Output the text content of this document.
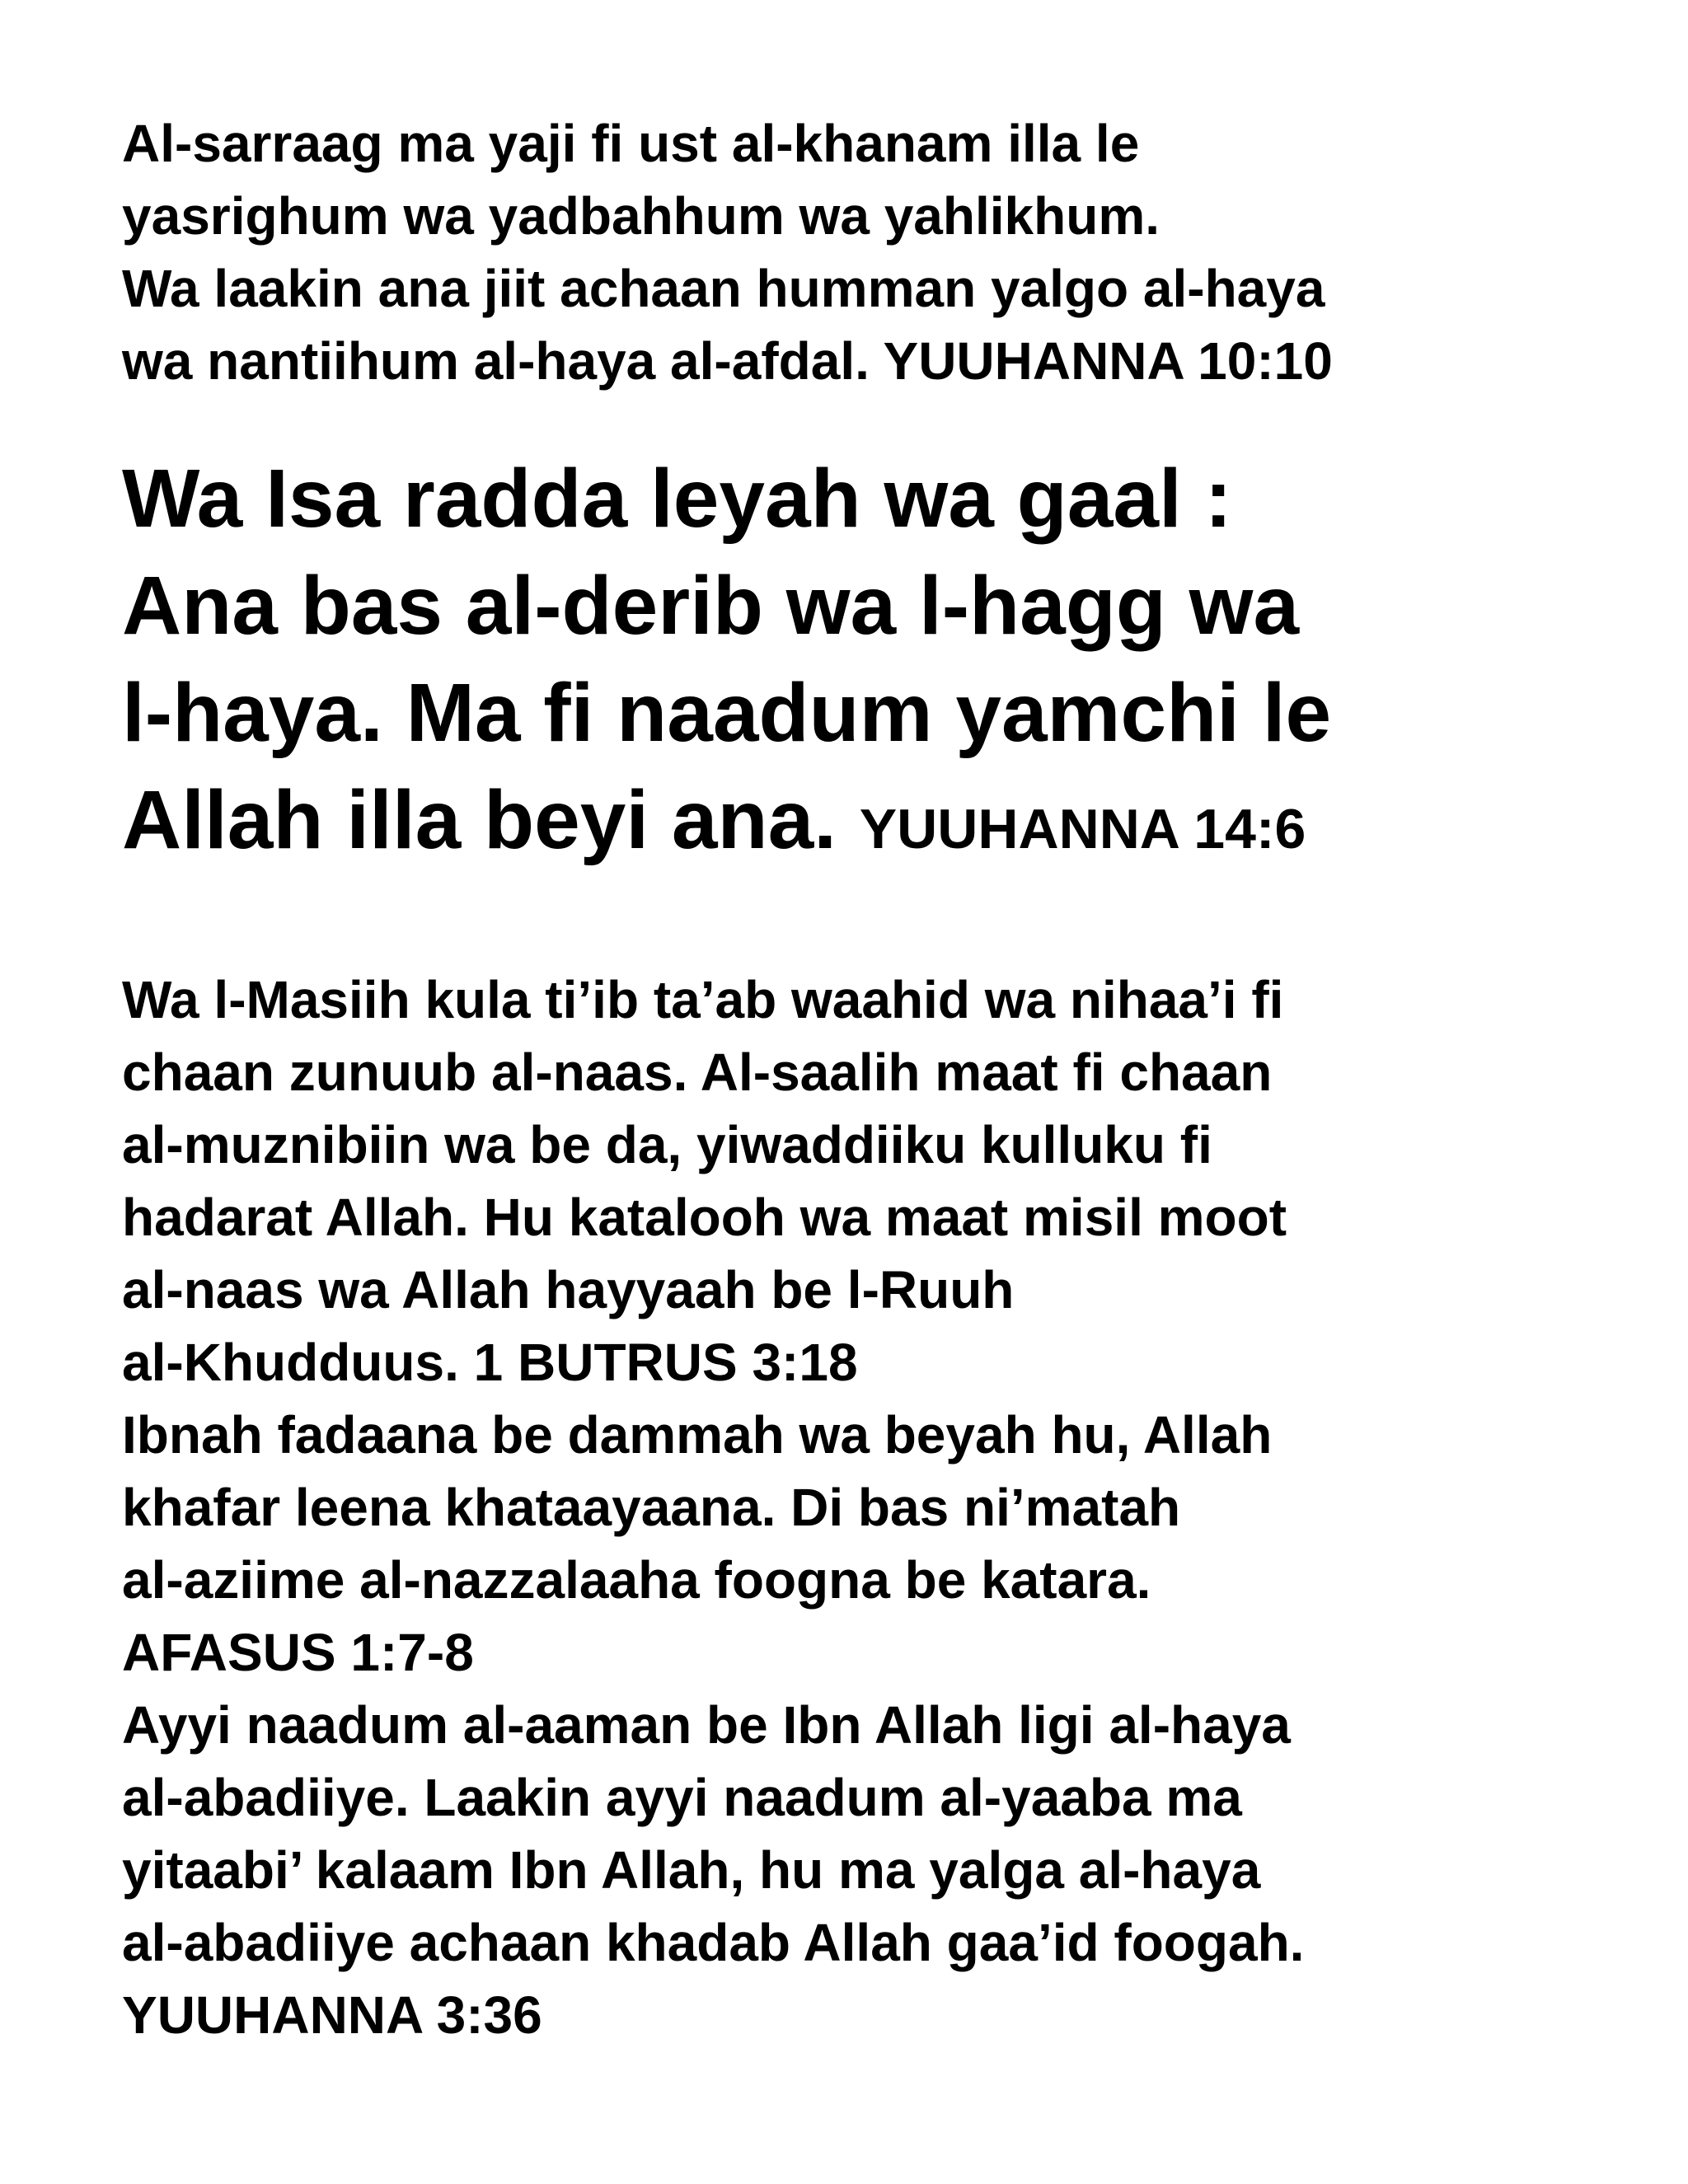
Al-sarraag ma yaji fi ust al-khanam illa le
yasrighum wa yadbahhum wa yahlikhum.
Wa laakin ana jiit achaan humman yalgo al-haya
wa nantiihum al-haya al-afdal. YUUHANNA 10:10
Wa Isa radda leyah wa gaal :
Ana bas al-derib wa l-hagg wa
l-haya. Ma fi naadum yamchi le
Allah illa beyi ana. YUUHANNA 14:6
Wa l-Masiih kula ti’ib ta’ab waahid wa nihaa’i fi
chaan zunuub al-naas. Al-saalih maat fi chaan
al-muznibiin wa be da, yiwaddiiku kulluku fi
hadarat Allah. Hu katalooh wa maat misil moot
al-naas wa Allah hayyaah be l-Ruuh
al-Khudduus. 1 BUTRUS 3:18
Ibnah fadaana be dammah wa beyah hu, Allah
khafar leena khataayaana. Di bas ni’matah
al-aziime al-nazzalaaha foogna be katara.
AFASUS 1:7-8
Ayyi naadum al-aaman be Ibn Allah ligi al-haya
al-abadiiye. Laakin ayyi naadum al-yaaba ma
yitaabi’ kalaam Ibn Allah, hu ma yalga al-haya
al-abadiiye achaan khadab Allah gaa’id foogah.
YUUHANNA 3:36
